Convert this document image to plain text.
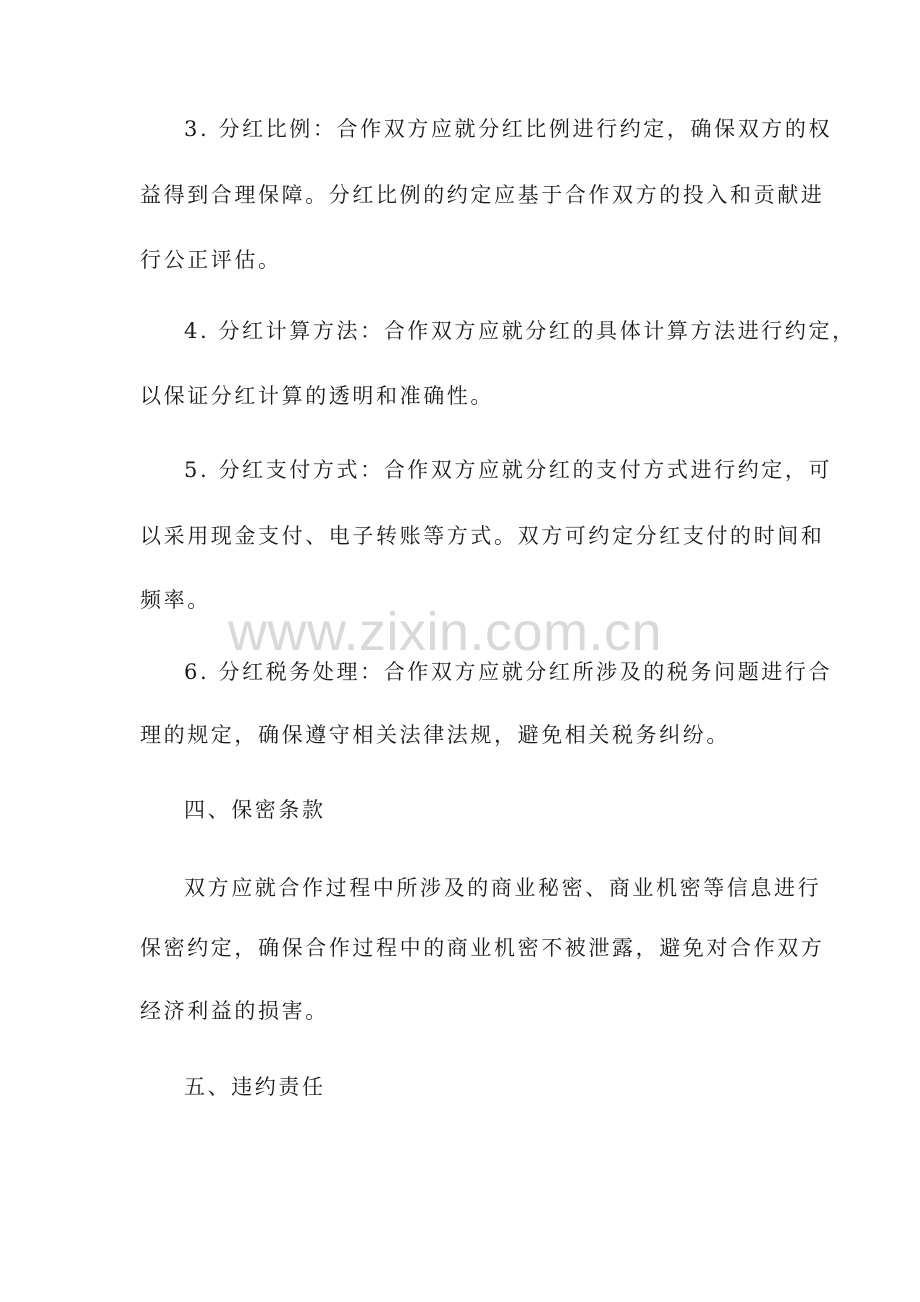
3. 分红比例：合作双方应就分红比例进行约定，确保双方的权
益得到合理保障。分红比例的约定应基于合作双方的投入和贡献进
行公正评估。
4. 分红计算方法：合作双方应就分红的具体计算方法进行约定，
以保证分红计算的透明和准确性。
5. 分红支付方式：合作双方应就分红的支付方式进行约定，可
以采用现金支付、电子转账等方式。双方可约定分红支付的时间和
频率。
www.zixin.com.cn
6. 分红税务处理：合作双方应就分红所涉及的税务问题进行合
理的规定，确保遵守相关法律法规，避免相关税务纠纷。
四、保密条款
双方应就合作过程中所涉及的商业秘密、商业机密等信息进行
保密约定，确保合作过程中的商业机密不被泄露，避免对合作双方
经济利益的损害。
五、违约责任
